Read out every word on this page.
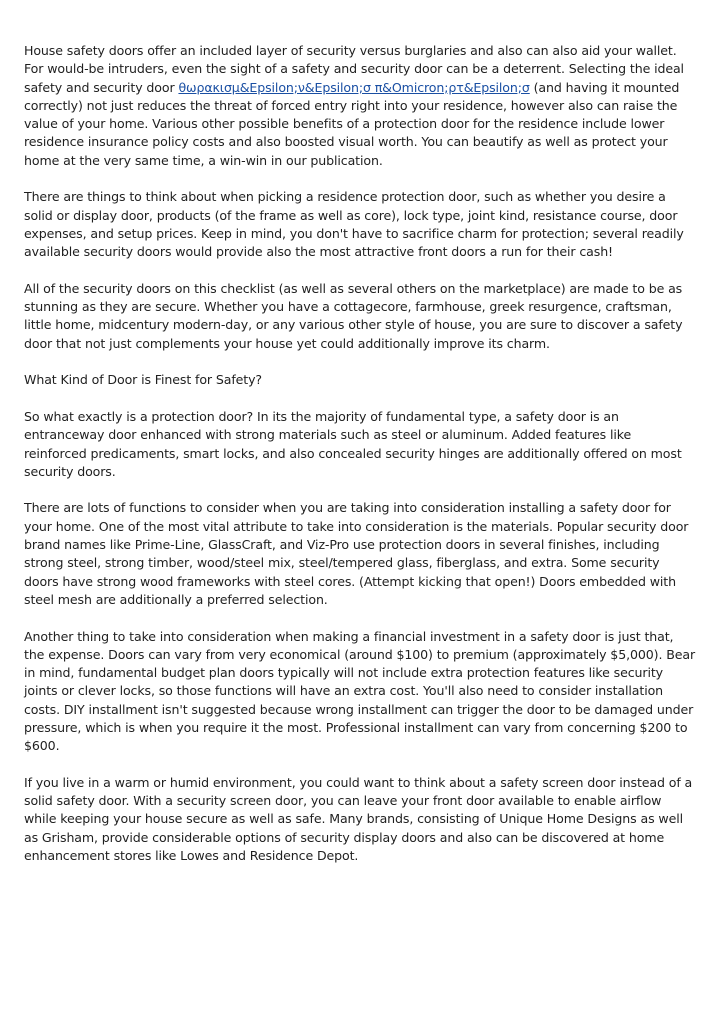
House safety doors offer an included layer of security versus burglaries and also can also aid your wallet. For would-be intruders, even the sight of a safety and security door can be a deterrent. Selecting the ideal safety and security door θωρακισμ&Epsilon;ν&Epsilon;σ π&Omicron;ρτ&Epsilon;σ (and having it mounted correctly) not just reduces the threat of forced entry right into your residence, however also can raise the value of your home. Various other possible benefits of a protection door for the residence include lower residence insurance policy costs and also boosted visual worth. You can beautify as well as protect your home at the very same time, a win-win in our publication.

There are things to think about when picking a residence protection door, such as whether you desire a solid or display door, products (of the frame as well as core), lock type, joint kind, resistance course, door expenses, and setup prices. Keep in mind, you don't have to sacrifice charm for protection; several readily available security doors would provide also the most attractive front doors a run for their cash!

All of the security doors on this checklist (as well as several others on the marketplace) are made to be as stunning as they are secure. Whether you have a cottagecore, farmhouse, greek resurgence, craftsman, little home, midcentury modern-day, or any various other style of house, you are sure to discover a safety door that not just complements your house yet could additionally improve its charm.

What Kind of Door is Finest for Safety?

So what exactly is a protection door? In its the majority of fundamental type, a safety door is an entranceway door enhanced with strong materials such as steel or aluminum. Added features like reinforced predicaments, smart locks, and also concealed security hinges are additionally offered on most security doors.

There are lots of functions to consider when you are taking into consideration installing a safety door for your home. One of the most vital attribute to take into consideration is the materials. Popular security door brand names like Prime-Line, GlassCraft, and Viz-Pro use protection doors in several finishes, including strong steel, strong timber, wood/steel mix, steel/tempered glass, fiberglass, and extra. Some security doors have strong wood frameworks with steel cores. (Attempt kicking that open!) Doors embedded with steel mesh are additionally a preferred selection.

Another thing to take into consideration when making a financial investment in a safety door is just that, the expense. Doors can vary from very economical (around $100) to premium (approximately $5,000). Bear in mind, fundamental budget plan doors typically will not include extra protection features like security joints or clever locks, so those functions will have an extra cost. You'll also need to consider installation costs. DIY installment isn't suggested because wrong installment can trigger the door to be damaged under pressure, which is when you require it the most. Professional installment can vary from concerning $200 to $600.

If you live in a warm or humid environment, you could want to think about a safety screen door instead of a solid safety door. With a security screen door, you can leave your front door available to enable airflow while keeping your house secure as well as safe. Many brands, consisting of Unique Home Designs as well as Grisham, provide considerable options of security display doors and also can be discovered at home enhancement stores like Lowes and Residence Depot.
